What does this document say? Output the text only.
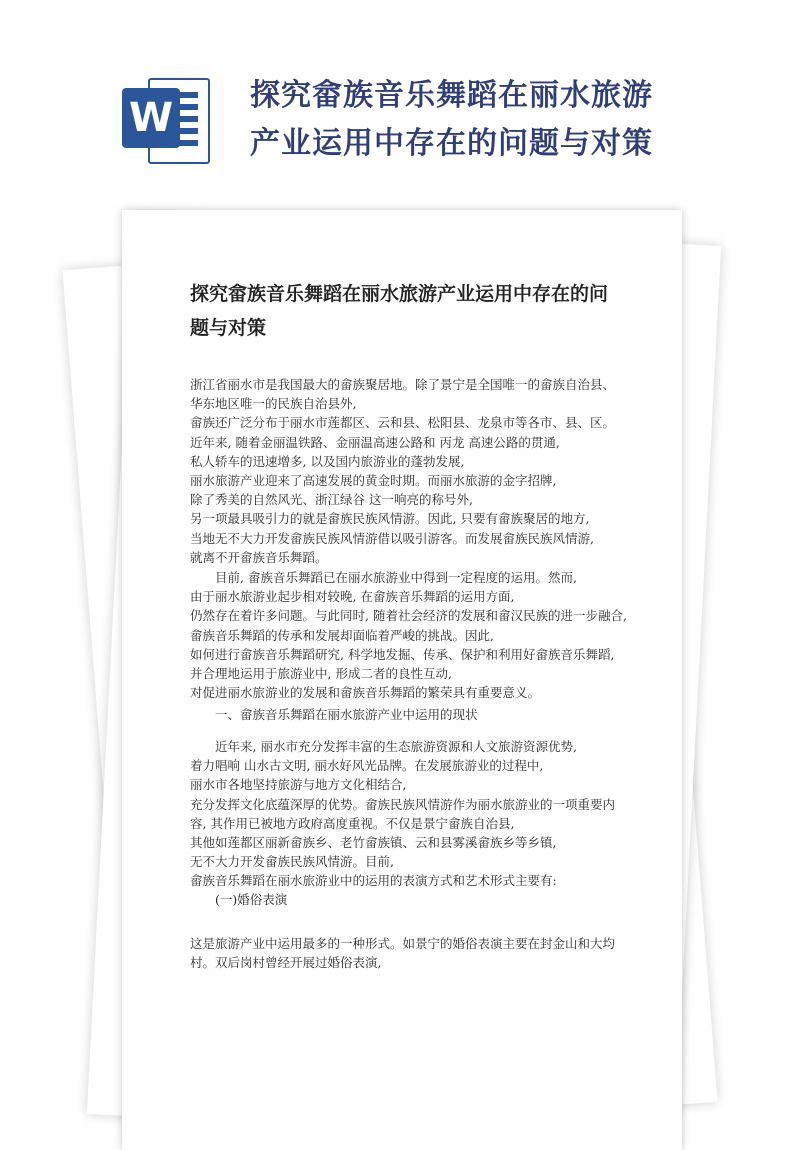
W	探究畲族音乐舞蹈在丽水旅游
产业运用中存在的问题与对策
探究畲族音乐舞蹈在丽水旅游产业运用中存在的问
题与对策
浙江省丽水市是我国最大的畲族聚居地。除了景宁是全国唯一的畲族自治县、
华东地区唯一的民族自治县外,
畲族还广泛分布于丽水市莲都区、云和县、松阳县、龙泉市等各市、县、区。
近年来, 随着金丽温铁路、金丽温高速公路和 丙龙 高速公路的贯通,
私人轿车的迅速增多, 以及国内旅游业的蓬勃发展,
丽水旅游产业迎来了高速发展的黄金时期。而丽水旅游的金字招牌,
除了秀美的自然风光、浙江绿谷 这一响亮的称号外,
另一项最具吸引力的就是畲族民族风情游。因此, 只要有畲族聚居的地方,
当地无不大力开发畲族民族风情游借以吸引游客。而发展畲族民族风情游,
就离不开畲族音乐舞蹈。
　　目前, 畲族音乐舞蹈已在丽水旅游业中得到一定程度的运用。然而,
由于丽水旅游业起步相对较晚, 在畲族音乐舞蹈的运用方面,
仍然存在着许多问题。与此同时, 随着社会经济的发展和畲汉民族的进一步融合,
畲族音乐舞蹈的传承和发展却面临着严峻的挑战。因此,
如何进行畲族音乐舞蹈研究, 科学地发掘、传承、保护和利用好畲族音乐舞蹈,
并合理地运用于旅游业中, 形成二者的良性互动,
对促进丽水旅游业的发展和畲族音乐舞蹈的繁荣具有重要意义。
一、畲族音乐舞蹈在丽水旅游产业中运用的现状
　　近年来, 丽水市充分发挥丰富的生态旅游资源和人文旅游资源优势,
着力唱响 山水古文明, 丽水好风光品牌。在发展旅游业的过程中,
丽水市各地坚持旅游与地方文化相结合,
充分发挥文化底蕴深厚的优势。畲族民族风情游作为丽水旅游业的一项重要内
容, 其作用已被地方政府高度重视。不仅是景宁畲族自治县,
其他如莲都区丽新畲族乡、老竹畲族镇、云和县雾溪畲族乡等乡镇,
无不大力开发畲族民族风情游。目前,
畲族音乐舞蹈在丽水旅游业中的运用的表演方式和艺术形式主要有:
(一)婚俗表演
这是旅游产业中运用最多的一种形式。如景宁的婚俗表演主要在封金山和大均
村。双后岗村曾经开展过婚俗表演,
